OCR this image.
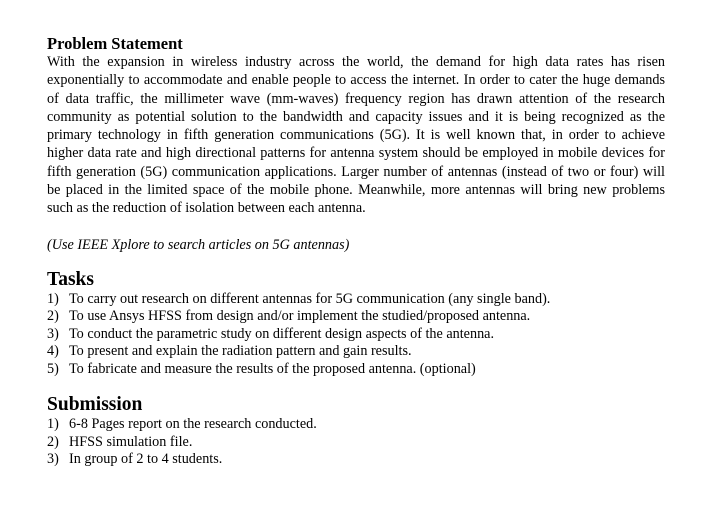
Problem Statement

With the expansion in wireless industry across the world, the demand for high data rates has risen exponentially to accommodate and enable people to access the internet. In order to cater the huge demands of data traffic, the millimeter wave (mm-waves) frequency region has drawn attention of the research community as potential solution to the bandwidth and capacity issues and it is being recognized as the primary technology in fifth generation communications (5G). It is well known that, in order to achieve higher data rate and high directional patterns for antenna system should be employed in mobile devices for fifth generation (5G) communication applications. Larger number of antennas (instead of two or four) will be placed in the limited space of the mobile phone. Meanwhile, more antennas will bring new problems such as the reduction of isolation between each antenna.

(Use IEEE Xplore to search articles on 5G antennas)

Tasks
1) To carry out research on different antennas for 5G communication (any single band).
2) To use Ansys HFSS from design and/or implement the studied/proposed antenna.
3) To conduct the parametric study on different design aspects of the antenna.
4) To present and explain the radiation pattern and gain results.
5) To fabricate and measure the results of the proposed antenna. (optional)
Submission
1) 6-8 Pages report on the research conducted.
2) HFSS simulation file.
3) In group of 2 to 4 students.
